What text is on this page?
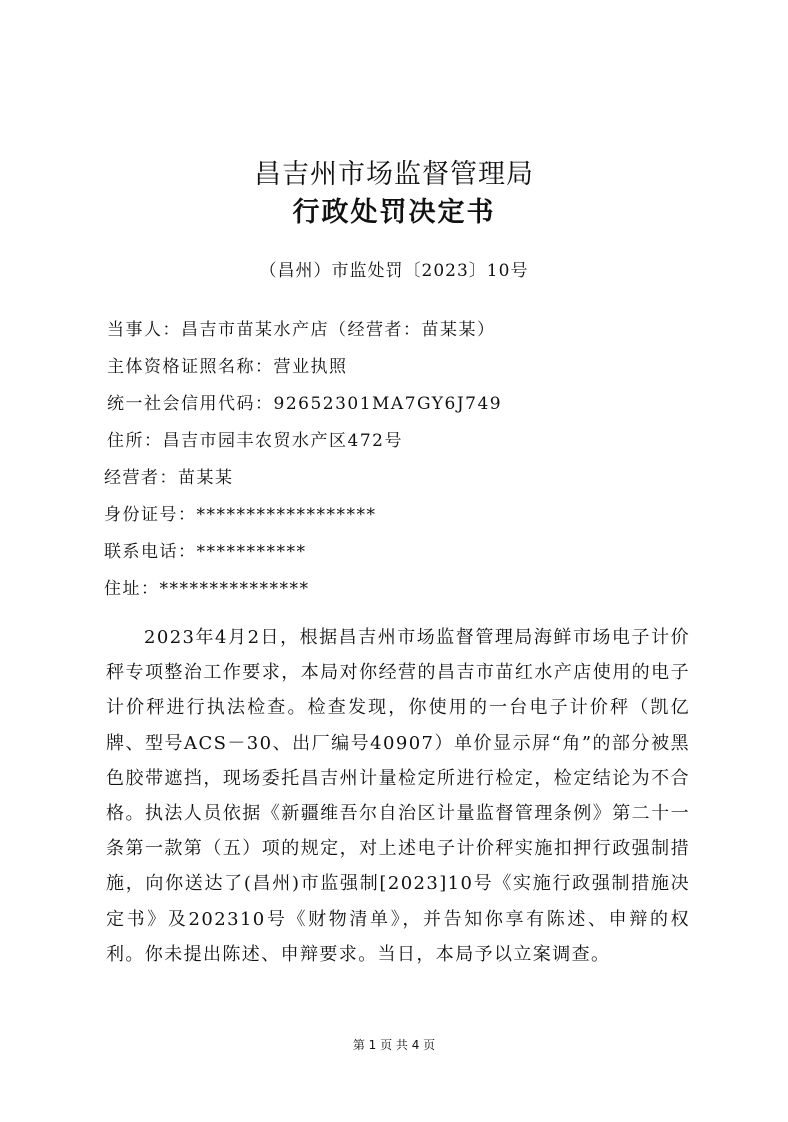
昌吉州市场监督管理局
行政处罚决定书
（昌州）市监处罚〔2023〕10号
当事人：昌吉市苗某水产店（经营者：苗某某）
主体资格证照名称：营业执照
统一社会信用代码：92652301MA7GY6J749
住所：昌吉市园丰农贸水产区472号
经营者：苗某某
身份证号：******************
联系电话：***********
住址：***************

2023年4月2日，根据昌吉州市场监督管理局海鲜市场电子计价秤专项整治工作要求，本局对你经营的昌吉市苗红水产店使用的电子计价秤进行执法检查。检查发现，你使用的一台电子计价秤（凯亿牌、型号ACS－30、出厂编号40907）单价显示屏“角”的部分被黑色胶带遮挡，现场委托昌吉州计量检定所进行检定，检定结论为不合格。执法人员依据《新疆维吾尔自治区计量监督管理条例》第二十一条第一款第（五）项的规定，对上述电子计价秤实施扣押行政强制措施，向你送达了(昌州)市监强制[2023]10号《实施行政强制措施决定书》及202310号《财物清单》，并告知你享有陈述、申辩的权利。你未提出陈述、申辩要求。当日，本局予以立案调查。

第 1 页 共 4 页
